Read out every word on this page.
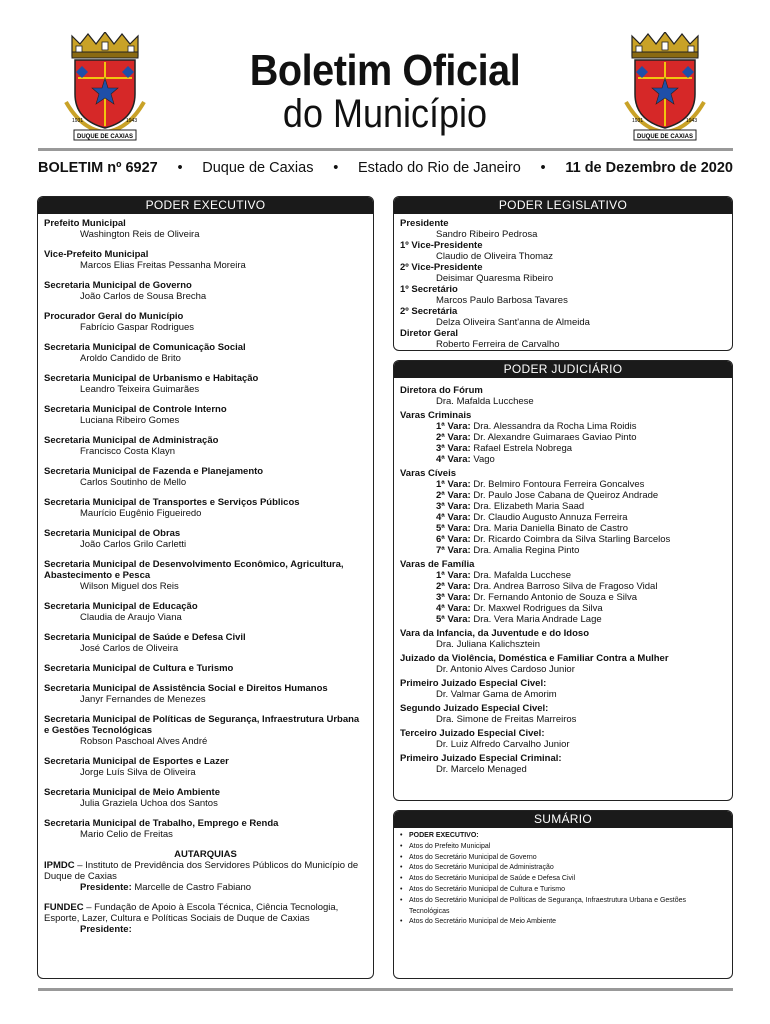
DUQUE DE CAXIAS
1931	1943
DUQUE DE CAXIAS
1931	1943
Boletim Oficial
do Município
BOLETIM nº 6927 • Duque de Caxias • Estado do Rio de Janeiro • 11 de Dezembro de 2020
PODER EXECUTIVO
Prefeito Municipal
Washington Reis de Oliveira
Vice-Prefeito Municipal
Marcos Elias Freitas Pessanha Moreira
Secretaria Municipal de Governo
João Carlos de Sousa Brecha
Procurador Geral do Município
Fabrício Gaspar Rodrigues
Secretaria Municipal de Comunicação Social
Aroldo Candido de Brito
Secretaria Municipal de Urbanismo e Habitação
Leandro Teixeira Guimarães
Secretaria Municipal de Controle Interno
Luciana Ribeiro Gomes
Secretaria Municipal de Administração
Francisco Costa Klayn
Secretaria Municipal de Fazenda e Planejamento
Carlos Soutinho de Mello
Secretaria Municipal de Transportes e Serviços Públicos
Maurício Eugênio Figueiredo
Secretaria Municipal de Obras
João Carlos Grilo Carletti
Secretaria Municipal de Desenvolvimento Econômico, Agricultura, Abastecimento e Pesca
Wilson Miguel dos Reis
Secretaria Municipal de Educação
Claudia de Araujo Viana
Secretaria Municipal de Saúde e Defesa Civil
José Carlos de Oliveira
Secretaria Municipal de Cultura e Turismo
Secretaria Municipal de Assistência Social e Direitos Humanos
Janyr Fernandes de Menezes
Secretaria Municipal de Políticas de Segurança, Infraestrutura Urbana e Gestões Tecnológicas
Robson Paschoal Alves André
Secretaria Municipal de Esportes e Lazer
Jorge Luís Silva de Oliveira
Secretaria Municipal de Meio Ambiente
Julia Graziela Uchoa dos Santos
Secretaria Municipal de Trabalho, Emprego e Renda
Mario Celio de Freitas
AUTARQUIAS
IPMDC – Instituto de Previdência dos Servidores Públicos do Município de Duque de Caxias
Presidente: Marcelle de Castro Fabiano
FUNDEC – Fundação de Apoio à Escola Técnica, Ciência Tecnologia, Esporte, Lazer, Cultura e Políticas Sociais de Duque de Caxias
Presidente:
PODER LEGISLATIVO
Presidente
Sandro Ribeiro Pedrosa
1º Vice-Presidente
Claudio de Oliveira Thomaz
2º Vice-Presidente
Deisimar Quaresma Ribeiro
1º Secretário
Marcos Paulo Barbosa Tavares
2º Secretária
Delza Oliveira Sant'anna de Almeida
Diretor Geral
Roberto Ferreira de Carvalho
PODER JUDICIÁRIO
Diretora do Fórum
Dra. Mafalda Lucchese
Varas Criminais
1ª Vara: Dra. Alessandra da Rocha Lima Roidis
2ª Vara: Dr. Alexandre Guimaraes Gaviao Pinto
3ª Vara: Rafael Estrela Nobrega
4ª Vara: Vago
Varas Cíveis
1ª Vara: Dr. Belmiro Fontoura Ferreira Goncalves
2ª Vara: Dr. Paulo Jose Cabana de Queiroz Andrade
3ª Vara: Dra. Elizabeth Maria Saad
4ª Vara: Dr. Claudio Augusto Annuza Ferreira
5ª Vara: Dra. Maria Daniella Binato de Castro
6ª Vara: Dr. Ricardo Coimbra da Silva Starling Barcelos
7ª Vara: Dra. Amalia Regina Pinto
Varas de Família
1ª Vara: Dra. Mafalda Lucchese
2ª Vara: Dra. Andrea Barroso Silva de Fragoso Vidal
3ª Vara: Dr. Fernando Antonio de Souza e Silva
4ª Vara: Dr. Maxwel Rodrigues da Silva
5ª Vara: Dra. Vera Maria Andrade Lage
Vara da Infancia, da Juventude e do Idoso
Dra. Juliana Kalichsztein
Juizado da Violência, Doméstica e Familiar Contra a Mulher
Dr. Antonio Alves Cardoso Junior
Primeiro Juizado Especial Civel:
Dr. Valmar Gama de Amorim
Segundo Juizado Especial Civel:
Dra. Simone de Freitas Marreiros
Terceiro Juizado Especial Civel:
Dr. Luiz Alfredo Carvalho Junior
Primeiro Juizado Especial Criminal:
Dr. Marcelo Menaged
SUMÁRIO
• PODER EXECUTIVO:
• Atos do Prefeito Municipal
• Atos do Secretário Municipal de Governo
• Atos do Secretário Municipal de Administração
• Atos do Secretário Municipal de Saúde e Defesa Civil
• Atos do Secretário Municipal de Cultura e Turismo
• Atos do Secretário Municipal de Políticas de Segurança, Infraestrutura Urbana e Gestões Tecnológicas
• Atos do Secretário Municipal de Meio Ambiente
